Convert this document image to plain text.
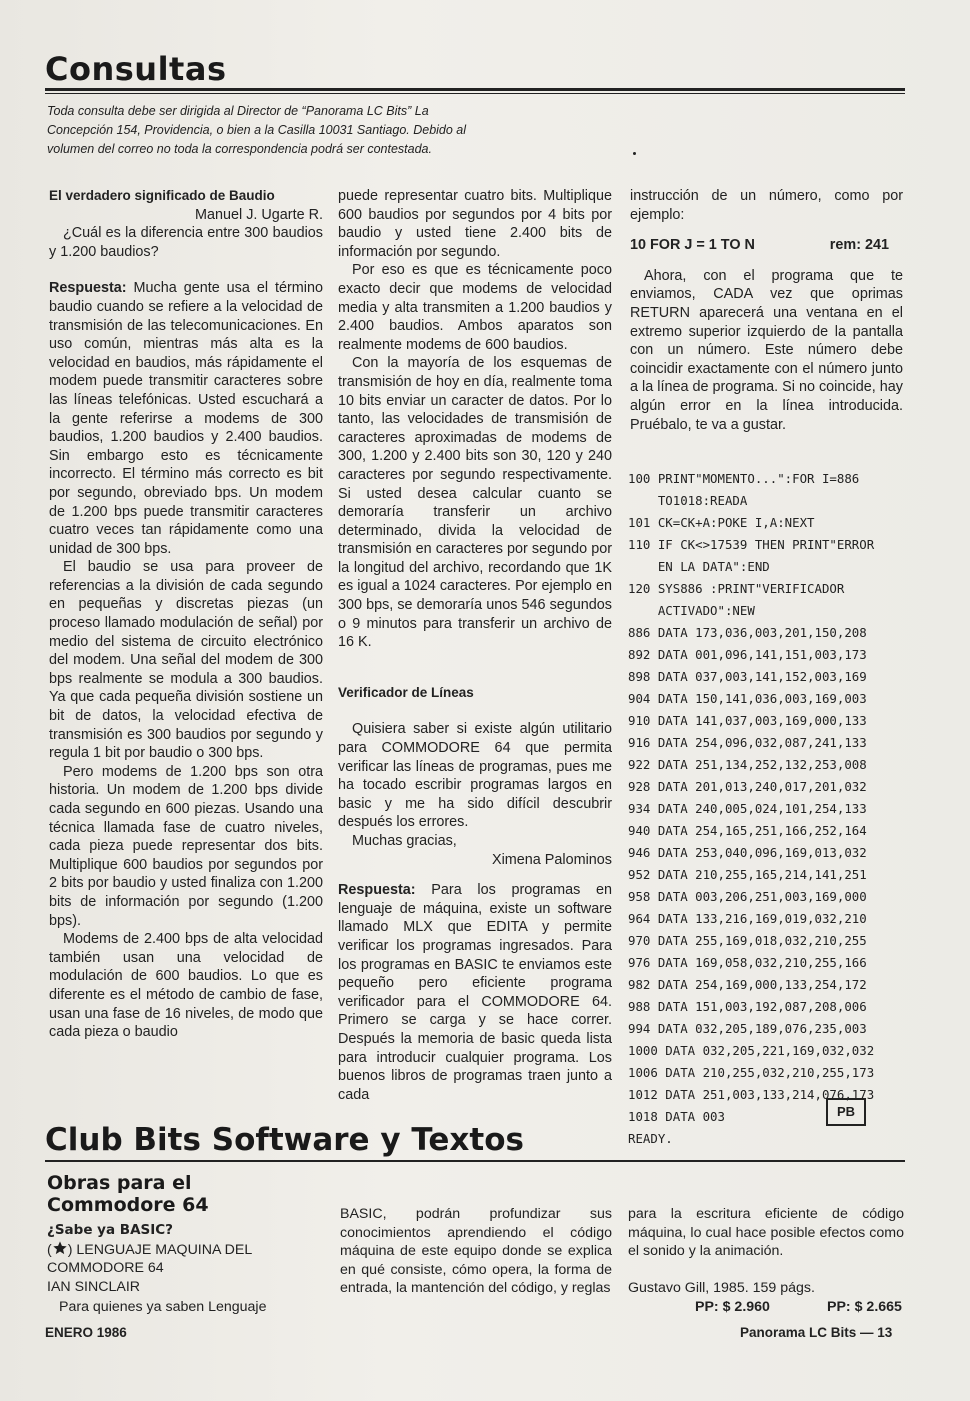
Consultas
Toda consulta debe ser dirigida al Director de “Panorama LC Bits” La Concepción 154, Providencia, o bien a la Casilla 10031 Santiago. Debido al volumen del correo no toda la correspondencia podrá ser contestada.
El verdadero significado de Baudio

Manuel J. Ugarte R.

¿Cuál es la diferencia entre 300 baudios y 1.200 baudios?

Respuesta: Mucha gente usa el término baudio cuando se refiere a la velocidad de transmisión de las telecomunicaciones. En uso común, mientras más alta es la velocidad en baudios, más rápidamente el modem puede transmitir caracteres sobre las líneas telefónicas. Usted escuchará a la gente referirse a modems de 300 baudios, 1.200 baudios y 2.400 baudios. Sin embargo esto es técnicamente incorrecto. El término más correcto es bit por segundo, obreviado bps. Un modem de 1.200 bps puede transmitir caracteres cuatro veces tan rápidamente como una unidad de 300 bps.

El baudio se usa para proveer de referencias a la división de cada segundo en pequeñas y discretas piezas (un proceso llamado modulación de señal) por medio del sistema de circuito electrónico del modem. Una señal del modem de 300 bps realmente se modula a 300 baudios. Ya que cada pequeña división sostiene un bit de datos, la velocidad efectiva de transmisión es 300 baudios por segundo y regula 1 bit por baudio o 300 bps.

Pero modems de 1.200 bps son otra historia. Un modem de 1.200 bps divide cada segundo en 600 piezas. Usando una técnica llamada fase de cuatro niveles, cada pieza puede representar dos bits. Multiplique 600 baudios por segundos por 2 bits por baudio y usted finaliza con 1.200 bits de información por segundo (1.200 bps).

Modems de 2.400 bps de alta velocidad también usan una velocidad de modulación de 600 baudios. Lo que es diferente es el método de cambio de fase, usan una fase de 16 niveles, de modo que cada pieza o baudio

puede representar cuatro bits. Multiplique 600 baudios por segundos por 4 bits por baudio y usted tiene 2.400 bits de información por segundo.

Por eso es que es técnicamente poco exacto decir que modems de velocidad media y alta transmiten a 1.200 baudios y 2.400 baudios. Ambos aparatos son realmente modems de 600 baudios.

Con la mayoría de los esquemas de transmisión de hoy en día, realmente toma 10 bits enviar un caracter de datos. Por lo tanto, las velocidades de transmisión de caracteres aproximadas de modems de 300, 1.200 y 2.400 bits son 30, 120 y 240 caracteres por segundo respectivamente. Si usted desea calcular cuanto se demoraría transferir un archivo determinado, divida la velocidad de transmisión en caracteres por segundo por la longitud del archivo, recordando que 1K es igual a 1024 caracteres. Por ejemplo en 300 bps, se demoraría unos 546 segundos o 9 minutos para transferir un archivo de 16 K.

Verificador de Líneas

Quisiera saber si existe algún utilitario para COMMODORE 64 que permita verificar las líneas de programas, pues me ha tocado escribir programas largos en basic y me ha sido difícil descubrir después los errores.

Muchas gracias,

Ximena Palominos

Respuesta: Para los programas en lenguaje de máquina, existe un software llamado MLX que EDITA y permite verificar los programas ingresados. Para los programas en BASIC te enviamos este pequeño pero eficiente programa verificador para el COMMODORE 64. Primero se carga y se hace correr. Después la memoria de basic queda lista para introducir cualquier programa. Los buenos libros de programas traen junto a cada

instrucción de un número, como por ejemplo:

10 FOR J = 1 TO N	rem: 241

Ahora, con el programa que te enviamos, CADA vez que oprimas RETURN aparecerá una ventana en el extremo superior izquierdo de la pantalla con un número. Este número debe coincidir exactamente con el número junto a la línea de programa. Si no coincide, hay algún error en la línea introducida. Pruébalo, te va a gustar.

100 PRINT"MOMENTO...":FOR I=886
TO1018:READA
101 CK=CK+A:POKE I,A:NEXT
110 IF CK<>17539 THEN PRINT"ERROR
EN LA DATA":END
120 SYS886 :PRINT"VERIFICADOR
ACTIVADO":NEW
886 DATA 173,036,003,201,150,208
892 DATA 001,096,141,151,003,173
898 DATA 037,003,141,152,003,169
904 DATA 150,141,036,003,169,003
910 DATA 141,037,003,169,000,133
916 DATA 254,096,032,087,241,133
922 DATA 251,134,252,132,253,008
928 DATA 201,013,240,017,201,032
934 DATA 240,005,024,101,254,133
940 DATA 254,165,251,166,252,164
946 DATA 253,040,096,169,013,032
952 DATA 210,255,165,214,141,251
958 DATA 003,206,251,003,169,000
964 DATA 133,216,169,019,032,210
970 DATA 255,169,018,032,210,255
976 DATA 169,058,032,210,255,166
982 DATA 254,169,000,133,254,172
988 DATA 151,003,192,087,208,006
994 DATA 032,205,189,076,235,003
1000 DATA 032,205,221,169,032,032
1006 DATA 210,255,032,210,255,173
1012 DATA 251,003,133,214,076,173
1018 DATA 003
READY.
PB
Club Bits Software y Textos
Obras para el
Commodore 64

¿Sabe ya BASIC?

( ) LENGUAJE MAQUINA DEL

COMMODORE 64

IAN SINCLAIR

Para quienes ya saben Lenguaje
BASIC, podrán profundizar sus conocimientos aprendiendo el código máquina de este equipo donde se explica en qué consiste, cómo opera, la forma de entrada, la mantención del código, y reglas
para la escritura eficiente de código máquina, lo cual hace posible efectos como el sonido y la animación.
Gustavo Gill, 1985. 159 págs.
PP: $ 2.960	PP: $ 2.665
ENERO 1986	Panorama LC Bits — 13
